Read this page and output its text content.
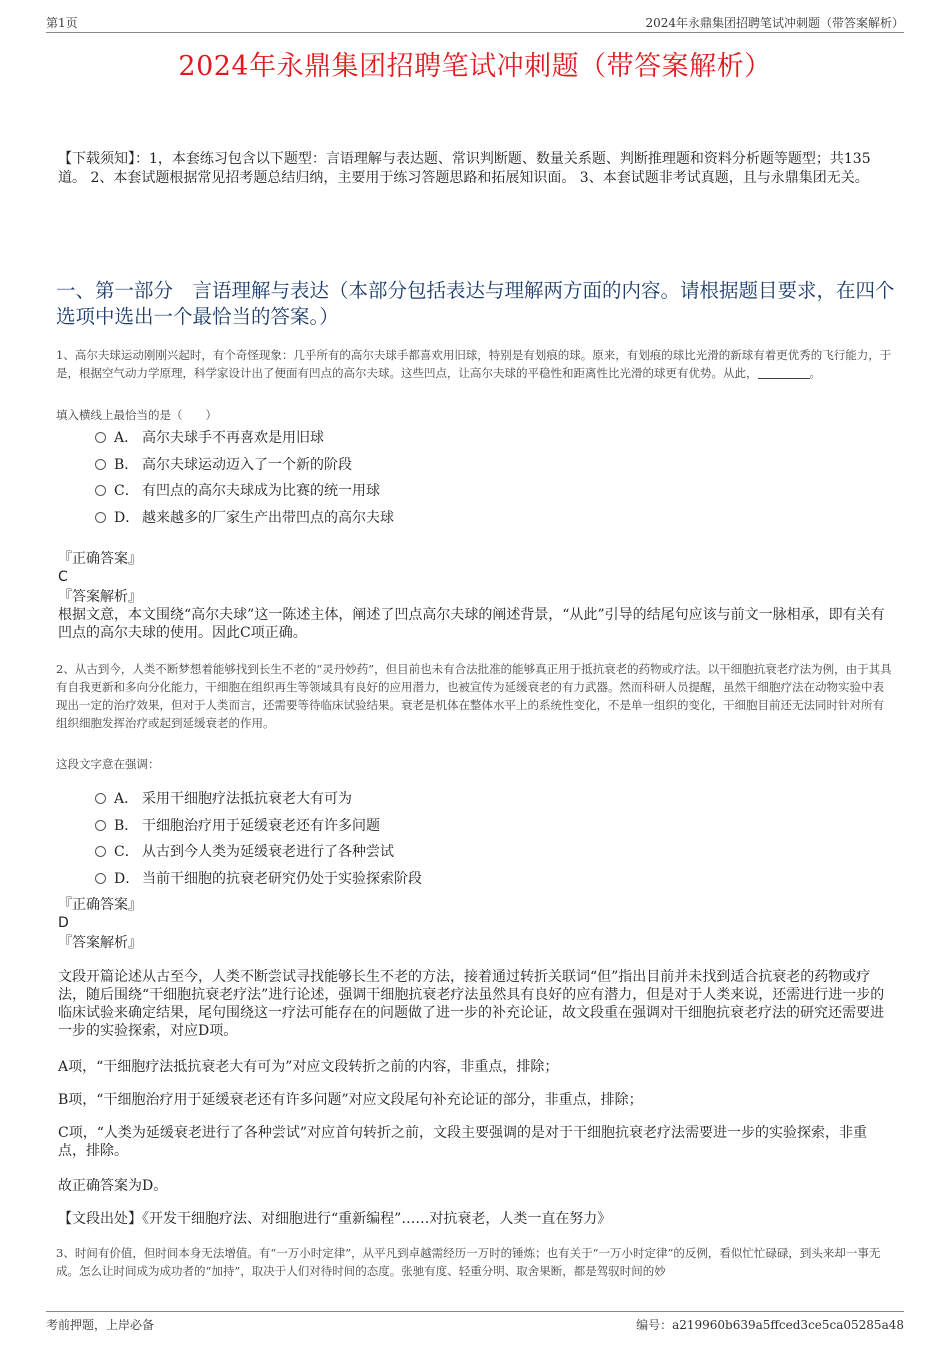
第1页	2024年永鼎集团招聘笔试冲刺题（带答案解析）
2024年永鼎集团招聘笔试冲刺题（带答案解析）
【下载须知】：1，本套练习包含以下题型：言语理解与表达题、常识判断题、数量关系题、判断推理题和资料分析题等题型；共135道。 2、本套试题根据常见招考题总结归纳，主要用于练习答题思路和拓展知识面。 3、本套试题非考试真题，且与永鼎集团无关。
一、第一部分　言语理解与表达（本部分包括表达与理解两方面的内容。请根据题目要求，在四个选项中选出一个最恰当的答案。）
1、高尔夫球运动刚刚兴起时，有个奇怪现象：几乎所有的高尔夫球手都喜欢用旧球，特别是有划痕的球。原来，有划痕的球比光滑的新球有着更优秀的飞行能力，于是，根据空气动力学原理，科学家设计出了便面有凹点的高尔夫球。这些凹点，让高尔夫球的平稳性和距离性比光滑的球更有优势。从此，	。
填入横线上最恰当的是（　　）
A． 高尔夫球手不再喜欢是用旧球
B． 高尔夫球运动迈入了一个新的阶段
C． 有凹点的高尔夫球成为比赛的统一用球
D． 越来越多的厂家生产出带凹点的高尔夫球
『正确答案』
C
『答案解析』
根据文意，本文围绕“高尔夫球”这一陈述主体，阐述了凹点高尔夫球的阐述背景，“从此”引导的结尾句应该与前文一脉相承，即有关有凹点的高尔夫球的使用。因此C项正确。
2、从古到今，人类不断梦想着能够找到长生不老的“灵丹妙药”，但目前也未有合法批准的能够真正用于抵抗衰老的药物或疗法。以干细胞抗衰老疗法为例，由于其具有自我更新和多向分化能力，干细胞在组织再生等领域具有良好的应用潜力，也被宣传为延缓衰老的有力武器。然而科研人员提醒，虽然干细胞疗法在动物实验中表现出一定的治疗效果，但对于人类而言，还需要等待临床试验结果。衰老是机体在整体水平上的系统性变化，不是单一组织的变化，干细胞目前还无法同时针对所有组织细胞发挥治疗或起到延缓衰老的作用。
这段文字意在强调：
A． 采用干细胞疗法抵抗衰老大有可为
B． 干细胞治疗用于延缓衰老还有许多问题
C． 从古到今人类为延缓衰老进行了各种尝试
D． 当前干细胞的抗衰老研究仍处于实验探索阶段
『正确答案』
D
『答案解析』
文段开篇论述从古至今，人类不断尝试寻找能够长生不老的方法，接着通过转折关联词“但”指出目前并未找到适合抗衰老的药物或疗法，随后围绕“干细胞抗衰老疗法”进行论述，强调干细胞抗衰老疗法虽然具有良好的应有潜力，但是对于人类来说，还需进行进一步的临床试验来确定结果，尾句围绕这一疗法可能存在的问题做了进一步的补充论证，故文段重在强调对干细胞抗衰老疗法的研究还需要进一步的实验探索，对应D项。
A项，“干细胞疗法抵抗衰老大有可为”对应文段转折之前的内容，非重点，排除；
B项，“干细胞治疗用于延缓衰老还有许多问题”对应文段尾句补充论证的部分，非重点，排除；
C项，“人类为延缓衰老进行了各种尝试”对应首句转折之前，文段主要强调的是对于干细胞抗衰老疗法需要进一步的实验探索，非重点，排除。
故正确答案为D。
【文段出处】《开发干细胞疗法、对细胞进行“重新编程”……对抗衰老，人类一直在努力》
3、时间有价值，但时间本身无法增值。有“一万小时定律”，从平凡到卓越需经历一万时的锤炼；也有关于“一万小时定律”的反例，看似忙忙碌碌，到头来却一事无成。怎么让时间成为成功者的“加持”，取决于人们对待时间的态度。张驰有度、轻重分明、取舍果断，都是驾驭时间的妙
考前押题，上岸必备	编号：a219960b639a5ffced3ce5ca05285a48
